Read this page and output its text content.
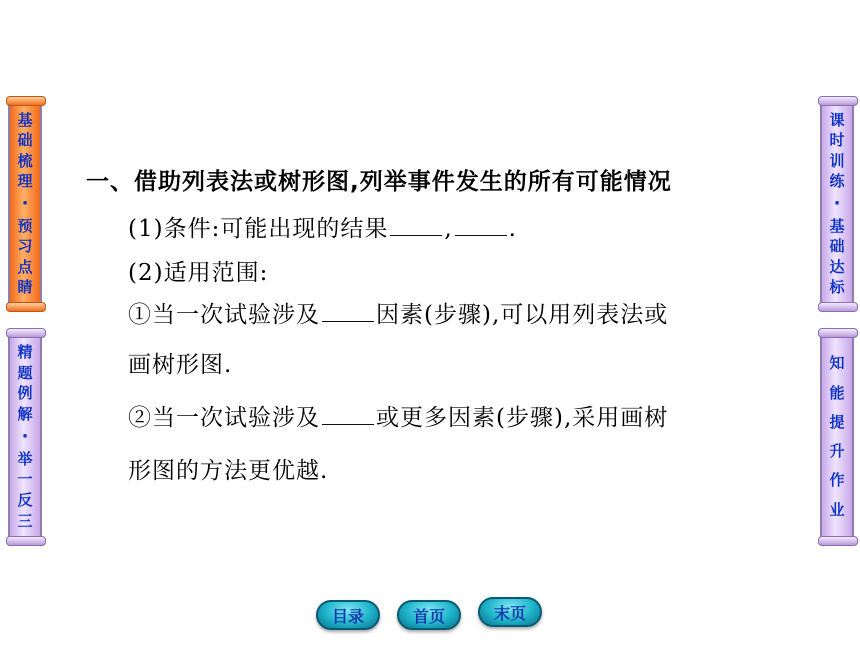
基
础
梳
理
·
预
习
点
睛
精
题
例
解
·
举
一
反
三
课
时
训
练
·
基
础
达
标
知
能
提
升
作
业
一、借助列表法或树形图,列举事件发生的所有可能情况
(1)条件:可能出现的结果 , .
(2)适用范围:
①当一次试验涉及 因素(步骤),可以用列表法或
画树形图.
②当一次试验涉及 或更多因素(步骤),采用画树
形图的方法更优越.
目录	首页	末页
